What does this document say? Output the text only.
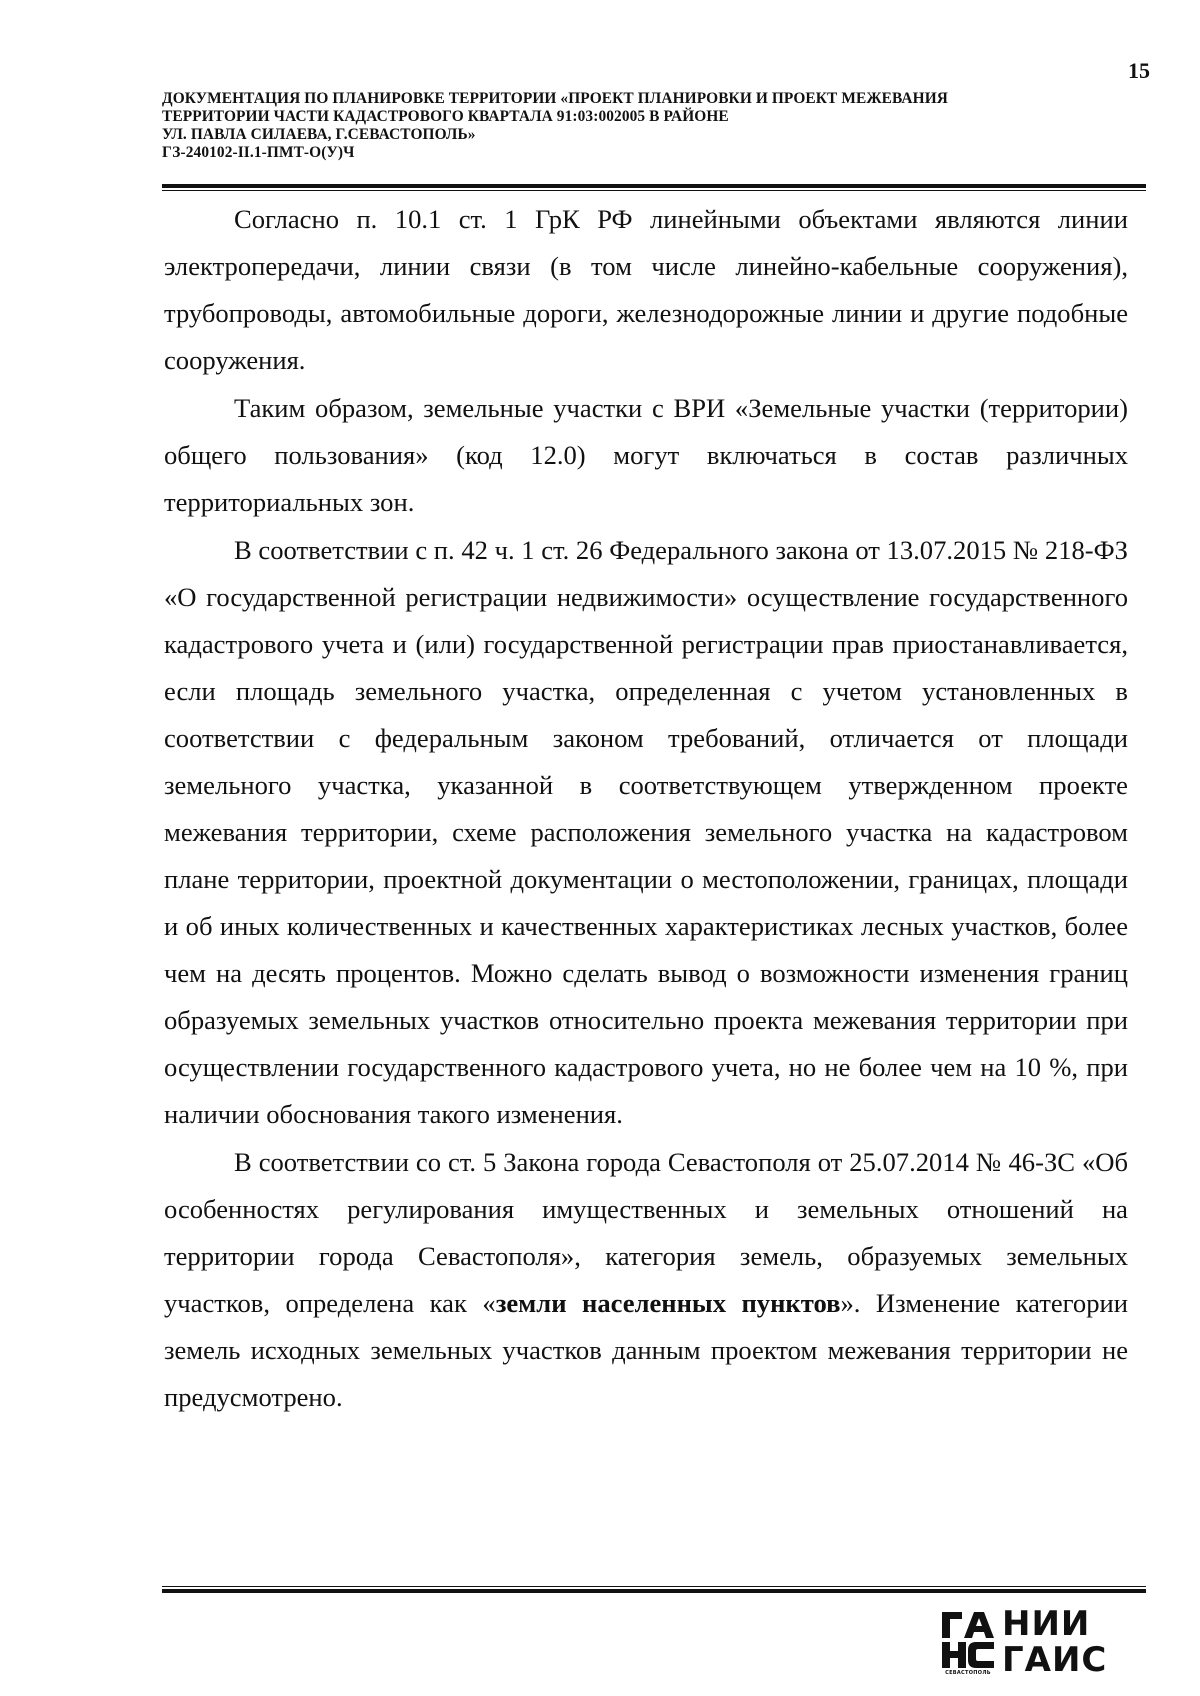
15
ДОКУМЕНТАЦИЯ ПО ПЛАНИРОВКЕ ТЕРРИТОРИИ «ПРОЕКТ ПЛАНИРОВКИ И ПРОЕКТ МЕЖЕВАНИЯ
ТЕРРИТОРИИ ЧАСТИ КАДАСТРОВОГО КВАРТАЛА 91:03:002005 В РАЙОНЕ
УЛ. ПАВЛА СИЛАЕВА, Г.СЕВАСТОПОЛЬ»
ГЗ-240102-II.1-ПМТ-О(У)Ч

Согласно п. 10.1 ст. 1 ГрК РФ линейными объектами являются линии электропередачи, линии связи (в том числе линейно-кабельные сооружения), трубопроводы, автомобильные дороги, железнодорожные линии и другие подобные сооружения.

Таким образом, земельные участки с ВРИ «Земельные участки (территории) общего пользования» (код 12.0) могут включаться в состав различных территориальных зон.

В соответствии с п. 42 ч. 1 ст. 26 Федерального закона от 13.07.2015 № 218-ФЗ «О государственной регистрации недвижимости» осуществление государственного кадастрового учета и (или) государственной регистрации прав приостанавливается, если площадь земельного участка, определенная с учетом установленных в соответствии с федеральным законом требований, отличается от площади земельного участка, указанной в соответствующем утвержденном проекте межевания территории, схеме расположения земельного участка на кадастровом плане территории, проектной документации о местоположении, границах, площади и об иных количественных и качественных характеристиках лесных участков, более чем на десять процентов. Можно сделать вывод о возможности изменения границ образуемых земельных участков относительно проекта межевания территории при осуществлении государственного кадастрового учета, но не более чем на 10 %, при наличии обоснования такого изменения.

В соответствии со ст. 5 Закона города Севастополя от 25.07.2014 № 46-ЗС «Об особенностях регулирования имущественных и земельных отношений на территории города Севастополя», категория земель, образуемых земельных участков, определена как «земли населенных пунктов». Изменение категории земель исходных земельных участков данным проектом межевания территории не предусмотрено.

СЕВАСТОПОЛЬ
НИИ
ГАИС
